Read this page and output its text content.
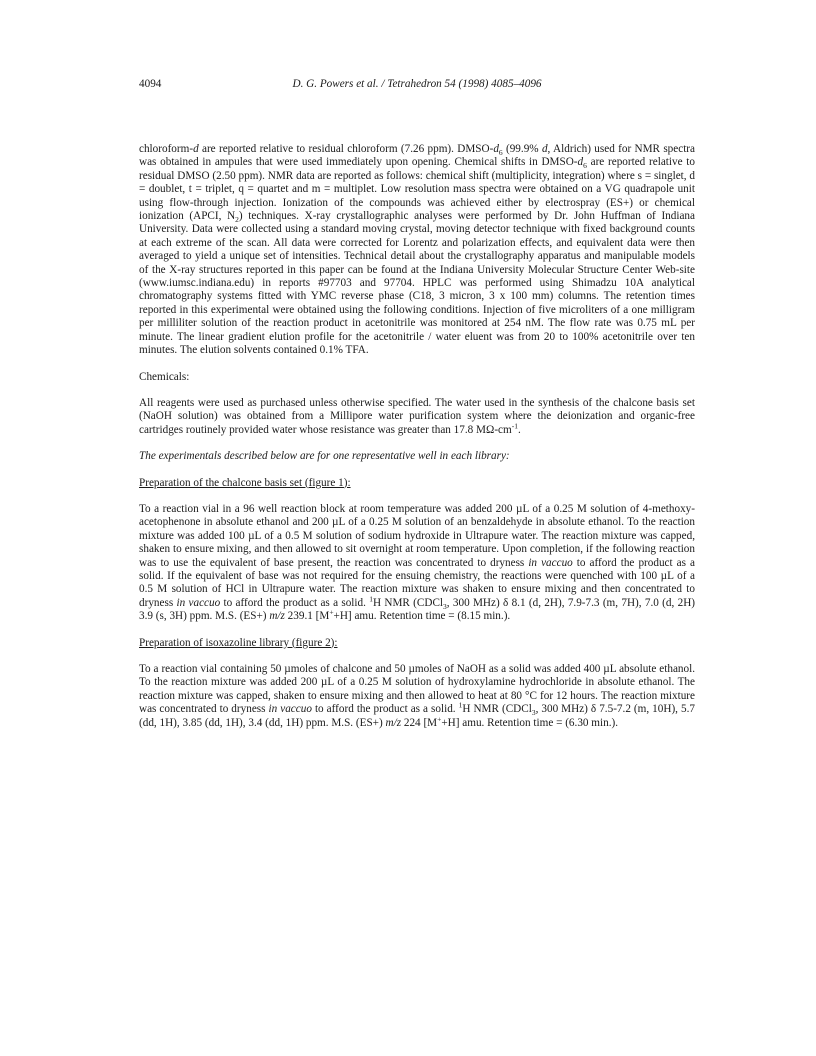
4094	D. G. Powers et al. / Tetrahedron 54 (1998) 4085–4096

chloroform-d are reported relative to residual chloroform (7.26 ppm). DMSO-$d_6$ (99.9% d, Aldrich) used for NMR spectra was obtained in ampules that were used immediately upon opening. Chemical shifts in DMSO-$d_6$ are reported relative to residual DMSO (2.50 ppm). NMR data are reported as follows: chemical shift (multiplicity, integration) where s = singlet, d = doublet, t = triplet, q = quartet and m = multiplet. Low resolution mass spectra were obtained on a VG quadrapole unit using flow-through injection. Ionization of the compounds was achieved either by electrospray (ES+) or chemical ionization (APCI, $N_2$) techniques. X-ray crystallographic analyses were performed by Dr. John Huffman of Indiana University. Data were collected using a standard moving crystal, moving detector technique with fixed background counts at each extreme of the scan. All data were corrected for Lorentz and polarization effects, and equivalent data were then averaged to yield a unique set of intensities. Technical detail about the crystallography apparatus and manipulable models of the X-ray structures reported in this paper can be found at the Indiana University Molecular Structure Center Web-site (www.iumsc.indiana.edu) in reports #97703 and 97704. HPLC was performed using Shimadzu 10A analytical chromatography systems fitted with YMC reverse phase (C18, 3 micron, 3 x 100 mm) columns. The retention times reported in this experimental were obtained using the following conditions. Injection of five microliters of a one milligram per milliliter solution of the reaction product in acetonitrile was monitored at 254 nM. The flow rate was 0.75 mL per minute. The linear gradient elution profile for the acetonitrile / water eluent was from 20 to 100% acetonitrile over ten minutes. The elution solvents contained 0.1% TFA.

Chemicals:

All reagents were used as purchased unless otherwise specified. The water used in the synthesis of the chalcone basis set (NaOH solution) was obtained from a Millipore water purification system where the deionization and organic-free cartridges routinely provided water whose resistance was greater than 17.8 $M\Omega-cm^{-1}$.

The experimentals described below are for one representative well in each library:

Preparation of the chalcone basis set (figure 1):

To a reaction vial in a 96 well reaction block at room temperature was added 200 µL of a 0.25 M solution of 4-methoxy-acetophenone in absolute ethanol and 200 µL of a 0.25 M solution of an benzaldehyde in absolute ethanol. To the reaction mixture was added 100 µL of a 0.5 M solution of sodium hydroxide in Ultrapure water. The reaction mixture was capped, shaken to ensure mixing, and then allowed to sit overnight at room temperature. Upon completion, if the following reaction was to use the equivalent of base present, the reaction was concentrated to dryness in vaccuo to afford the product as a solid. If the equivalent of base was not required for the ensuing chemistry, the reactions were quenched with 100 µL of a 0.5 M solution of HCl in Ultrapure water. The reaction mixture was shaken to ensure mixing and then concentrated to dryness in vaccuo to afford the product as a solid. $^1$H NMR (CDCl$_3$, 300 MHz) δ 8.1 (d, 2H), 7.9-7.3 (m, 7H), 7.0 (d, 2H) 3.9 (s, 3H) ppm. M.S. (ES+) m/z 239.1 [M++H] amu. Retention time = (8.15 min.).

Preparation of isoxazoline library (figure 2):

To a reaction vial containing 50 µmoles of chalcone and 50 µmoles of NaOH as a solid was added 400 µL absolute ethanol. To the reaction mixture was added 200 µL of a 0.25 M solution of hydroxylamine hydrochloride in absolute ethanol. The reaction mixture was capped, shaken to ensure mixing and then allowed to heat at 80 °C for 12 hours. The reaction mixture was concentrated to dryness in vaccuo to afford the product as a solid. $^1$H NMR (CDCl$_3$, 300 MHz) δ 7.5-7.2 (m, 10H), 5.7 (dd, 1H), 3.85 (dd, 1H), 3.4 (dd, 1H) ppm. M.S. (ES+) m/z 224 [M++H] amu. Retention time = (6.30 min.).
